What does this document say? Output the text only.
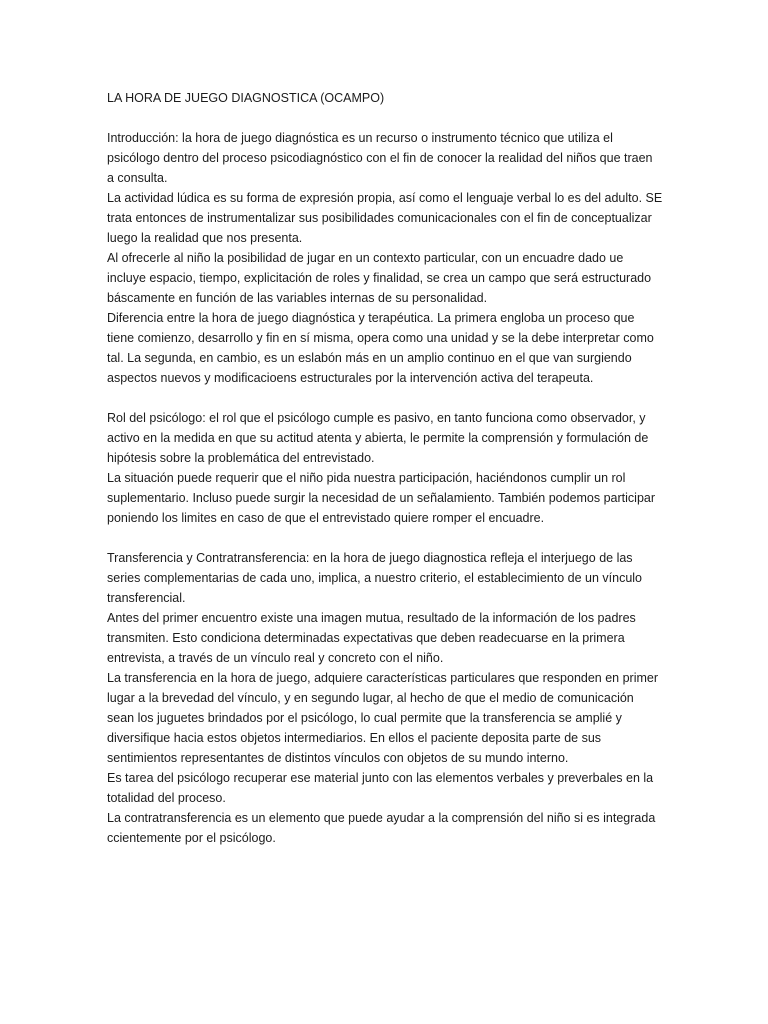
LA HORA DE JUEGO DIAGNOSTICA (OCAMPO)
Introducción: la hora de juego diagnóstica es un recurso o instrumento técnico que utiliza el
psicólogo dentro del proceso psicodiagnóstico con el fin de conocer la realidad del niños que traen
a consulta.
La actividad lúdica es su forma de expresión propia, así como el lenguaje verbal lo es del adulto. SE
trata entonces de instrumentalizar sus posibilidades comunicacionales con el fin de conceptualizar
luego la realidad que nos presenta.
Al ofrecerle al niño la posibilidad de jugar en un contexto particular, con un encuadre dado ue
incluye espacio, tiempo, explicitación de roles y finalidad, se crea un campo que será estructurado
báscamente en función de las variables internas de su personalidad.
Diferencia entre la hora de juego diagnóstica y terapéutica. La primera engloba un proceso que
tiene comienzo, desarrollo y fin en sí misma, opera como una unidad y se la debe interpretar como
tal. La segunda, en cambio, es un eslabón más en un amplio continuo en el que van surgiendo
aspectos nuevos y modificacioens estructurales por la intervención activa del terapeuta.
Rol del psicólogo: el rol que el psicólogo cumple es pasivo, en tanto funciona como observador, y
activo en la medida en que su actitud atenta y abierta, le permite la comprensión y formulación de
hipótesis sobre la problemática del entrevistado.
La situación puede requerir que el niño pida nuestra participación, haciéndonos cumplir un rol
suplementario. Incluso puede surgir la necesidad de un señalamiento. También podemos participar
poniendo los limites en caso de que el entrevistado quiere romper el encuadre.
Transferencia y Contratransferencia: en la hora de juego diagnostica refleja el interjuego de las
series complementarias de cada uno, implica, a nuestro criterio, el establecimiento de un vínculo
transferencial.
Antes del primer encuentro existe una imagen mutua, resultado de la información de los padres
transmiten. Esto condiciona determinadas expectativas que deben readecuarse en la primera
entrevista, a través de un vínculo real y concreto con el niño.
La transferencia en la hora de juego, adquiere características particulares que responden en primer
lugar a la brevedad del vínculo, y en segundo lugar, al hecho de que el medio de comunicación
sean los juguetes brindados por el psicólogo, lo cual permite que la transferencia se amplié y
diversifique hacia estos objetos intermediarios. En ellos el paciente deposita parte de sus
sentimientos representantes de distintos vínculos con objetos de su mundo interno.
Es tarea del psicólogo recuperar ese material junto con las elementos verbales y preverbales en la
totalidad del proceso.
La contratransferencia es un elemento que puede ayudar a la comprensión del niño si es integrada
ccientemente por el psicólogo.
